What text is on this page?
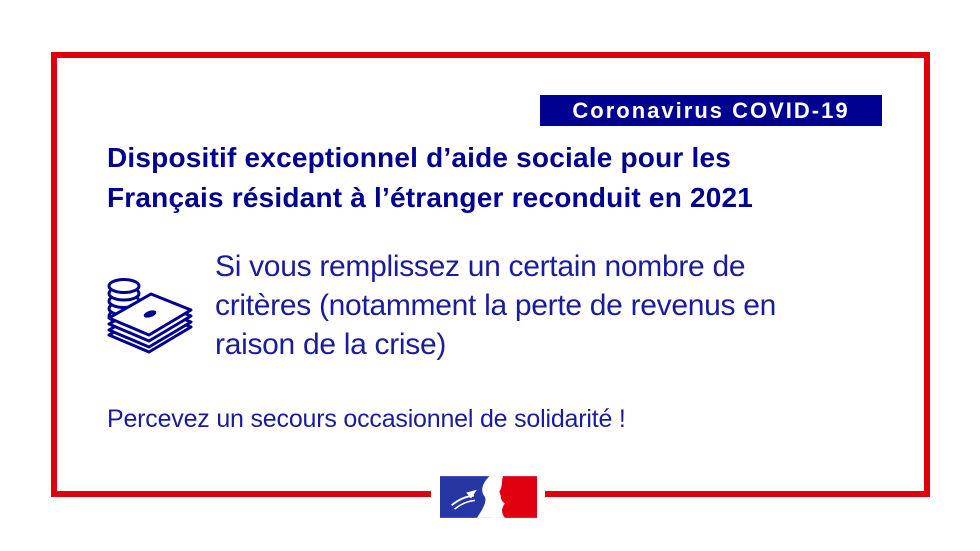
Coronavirus COVID-19
Dispositif exceptionnel d’aide sociale pour les
Français résidant à l’étranger reconduit en 2021
Si vous remplissez un certain nombre de
critères (notamment la perte de revenus en
raison de la crise)
Percevez un secours occasionnel de solidarité !
